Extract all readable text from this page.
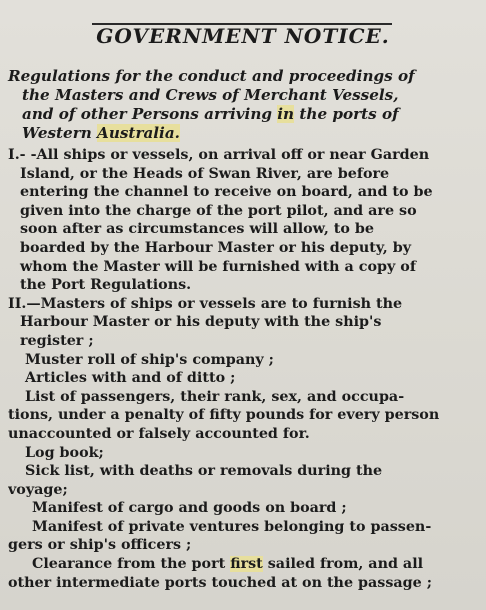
GOVERNMENT NOTICE.
Regulations for the conduct and proceedings of
the Masters and Crews of Merchant Vessels,
and of other Persons arriving in the ports of
Western Australia.
I.- -All ships or vessels, on arrival off or near Garden
Island, or the Heads of Swan River, are before
entering the channel to receive on board, and to be
given into the charge of the port pilot, and are so
soon after as circumstances will allow, to be
boarded by the Harbour Master or his deputy, by
whom the Master will be furnished with a copy of
the Port Regulations.
II.—Masters of ships or vessels are to furnish the
Harbour Master or his deputy with the ship's
register ;
Muster roll of ship's company ;
Articles with and of ditto ;
List of passengers, their rank, sex, and occupa-
tions, under a penalty of fifty pounds for every person
unaccounted or falsely accounted for.
Log book;
Sick list, with deaths or removals during the
voyage;
Manifest of cargo and goods on board ;
Manifest of private ventures belonging to passen-
gers or ship's officers ;
Clearance from the port first sailed from, and all
other intermediate ports touched at on the passage ;
